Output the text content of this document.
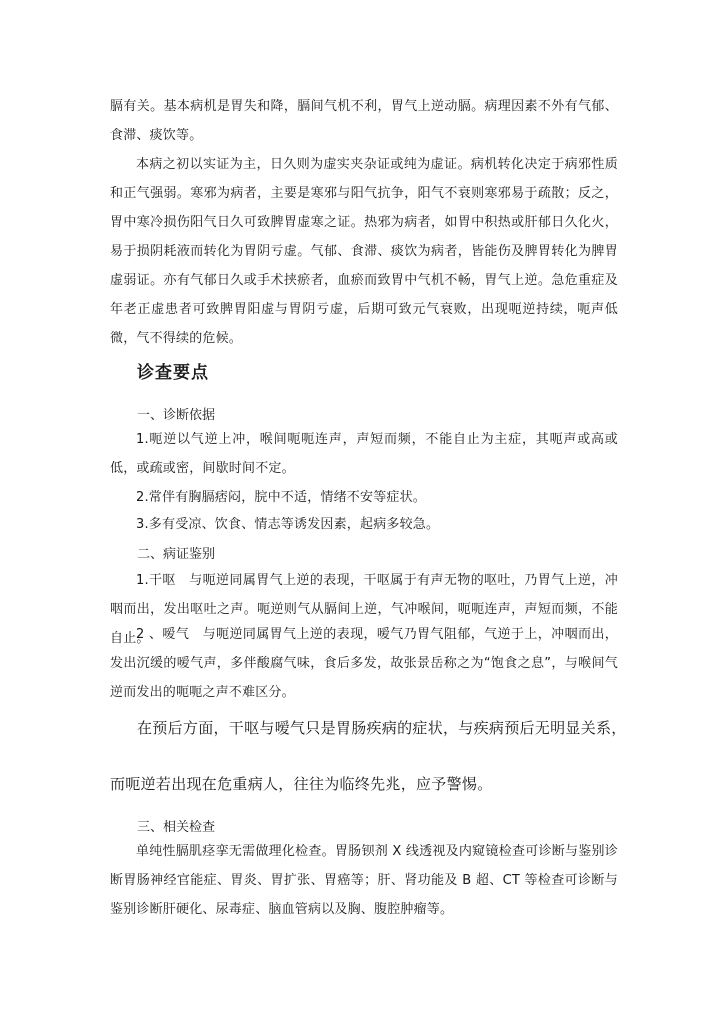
膈有关。基本病机是胃失和降，膈间气机不利，胃气上逆动膈。病理因素不外有气郁、食滞、痰饮等。

本病之初以实证为主，日久则为虚实夹杂证或纯为虚证。病机转化决定于病邪性质和正气强弱。寒邪为病者，主要是寒邪与阳气抗争，阳气不衰则寒邪易于疏散；反之，胃中寒冷损伤阳气日久可致脾胃虚寒之证。热邪为病者，如胃中积热或肝郁日久化火，易于损阴耗液而转化为胃阴亏虚。气郁、食滞、痰饮为病者，皆能伤及脾胃转化为脾胃虚弱证。亦有气郁日久或手术挟瘀者，血瘀而致胃中气机不畅，胃气上逆。急危重症及年老正虚患者可致脾胃阳虚与胃阴亏虚，后期可致元气衰败，出现呃逆持续，呃声低微，气不得续的危候。

诊查要点

一、诊断依据

1.呃逆以气逆上冲，喉间呃呃连声，声短而频，不能自止为主症，其呃声或高或低，或疏或密，间歇时间不定。

2.常伴有胸膈痞闷，脘中不适，情绪不安等症状。

3.多有受凉、饮食、情志等诱发因素，起病多较急。

二、病证鉴别

1.干呕　与呃逆同属胃气上逆的表现，干呕属于有声无物的呕吐，乃胃气上逆，冲咽而出，发出呕吐之声。呃逆则气从膈间上逆，气冲喉间，呃呃连声，声短而频，不能自止。

2 、嗳气　与呃逆同属胃气上逆的表现，嗳气乃胃气阻郁，气逆于上，冲咽而出，发出沉缓的嗳气声，多伴酸腐气味，食后多发，故张景岳称之为“饱食之息”，与喉间气逆而发出的呃呃之声不难区分。

在预后方面，干呕与嗳气只是胃肠疾病的症状，与疾病预后无明显关系，

而呃逆若出现在危重病人，往往为临终先兆，应予警惕。

三、相关检查

单纯性膈肌痉挛无需做理化检查。胃肠钡剂 X 线透视及内窥镜检查可诊断与鉴别诊断胃肠神经官能症、胃炎、胃扩张、胃癌等；肝、肾功能及 B 超、CT 等检查可诊断与鉴别诊断肝硬化、尿毒症、脑血管病以及胸、腹腔肿瘤等。
